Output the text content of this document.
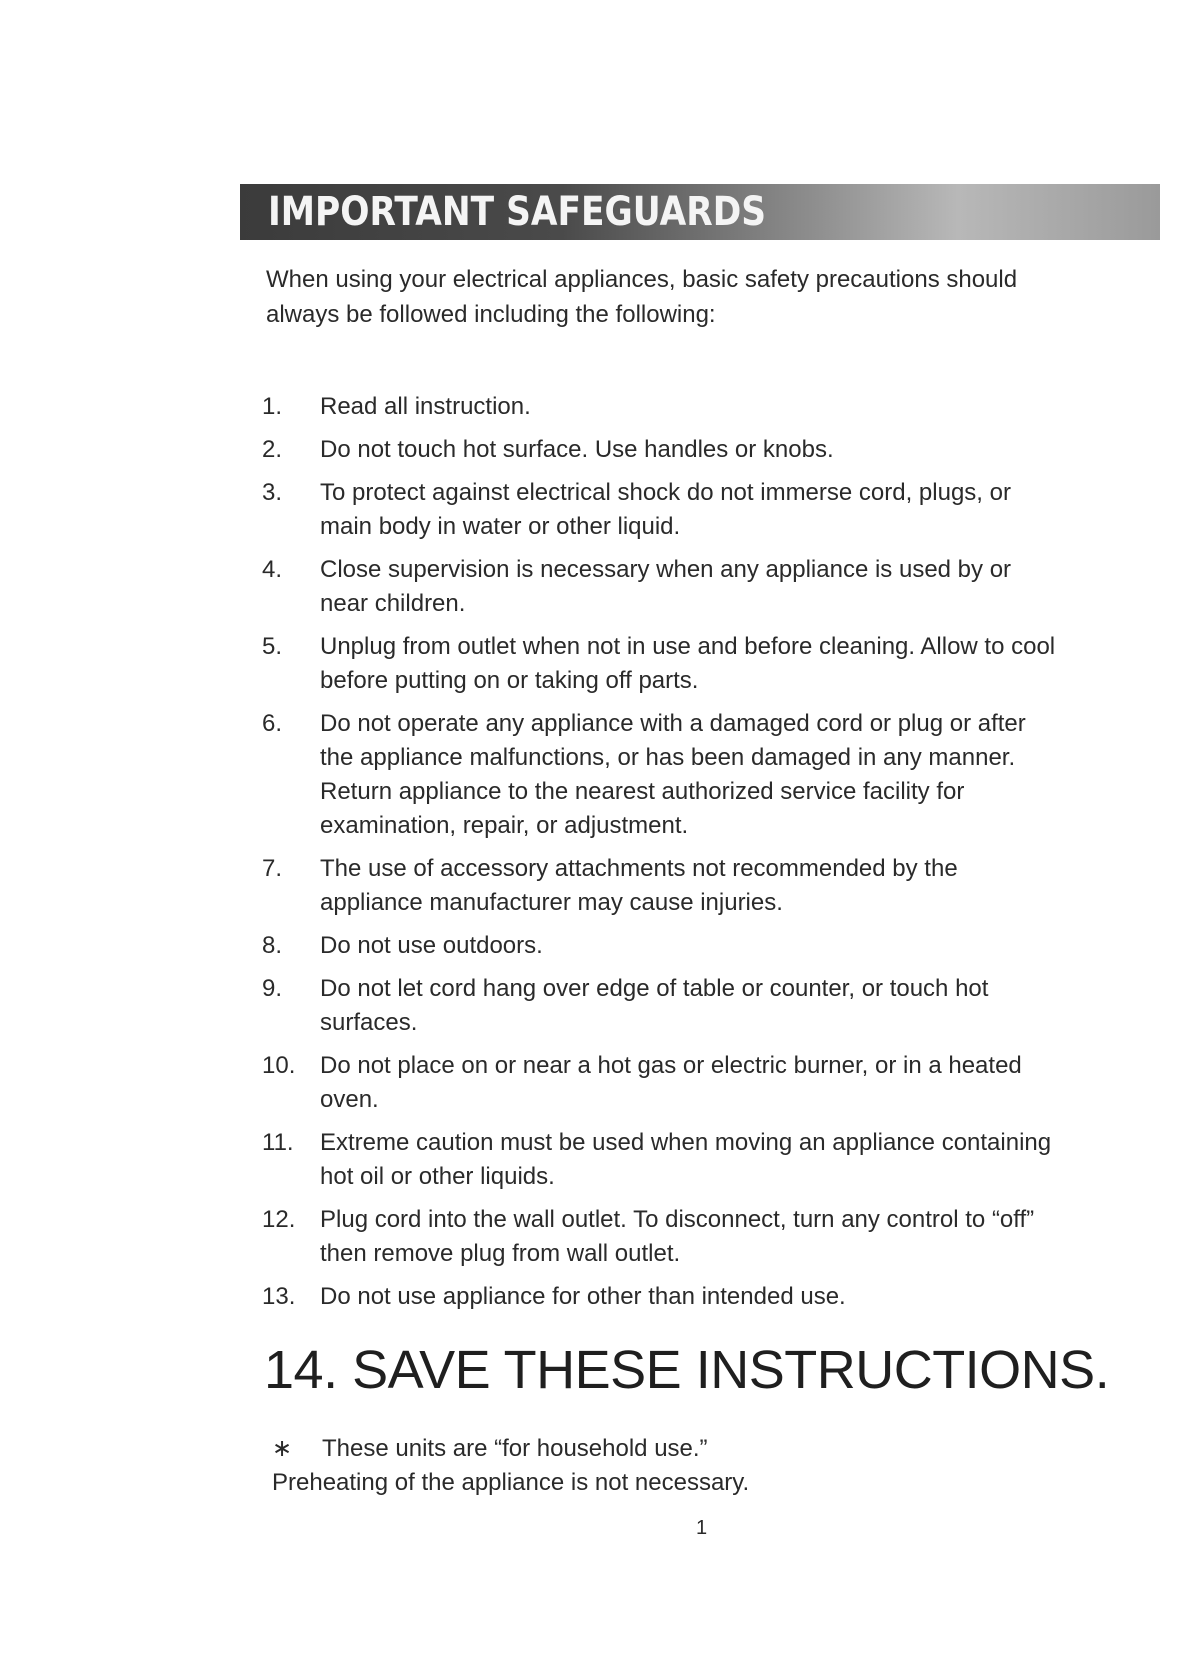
IMPORTANT SAFEGUARDS

When using your electrical appliances, basic safety precautions should always be followed including the following:

1. Read all instruction.
2. Do not touch hot surface. Use handles or knobs.
3. To protect against electrical shock do not immerse cord, plugs, or main body in water or other liquid.
4. Close supervision is necessary when any appliance is used by or near children.
5. Unplug from outlet when not in use and before cleaning. Allow to cool before putting on or taking off parts.
6. Do not operate any appliance with a damaged cord or plug or after the appliance malfunctions, or has been damaged in any manner. Return appliance to the nearest authorized service facility for examination, repair, or adjustment.
7. The use of accessory attachments not recommended by the appliance manufacturer may cause injuries.
8. Do not use outdoors.
9. Do not let cord hang over edge of table or counter, or touch hot surfaces.
10. Do not place on or near a hot gas or electric burner, or in a heated oven.
11. Extreme caution must be used when moving an appliance containing hot oil or other liquids.
12. Plug cord into the wall outlet. To disconnect, turn any control to “off” then remove plug from wall outlet.
13. Do not use appliance for other than intended use.
14. SAVE THESE INSTRUCTIONS.
∗ These units are “for household use.”
Preheating of the appliance is not necessary.
1
